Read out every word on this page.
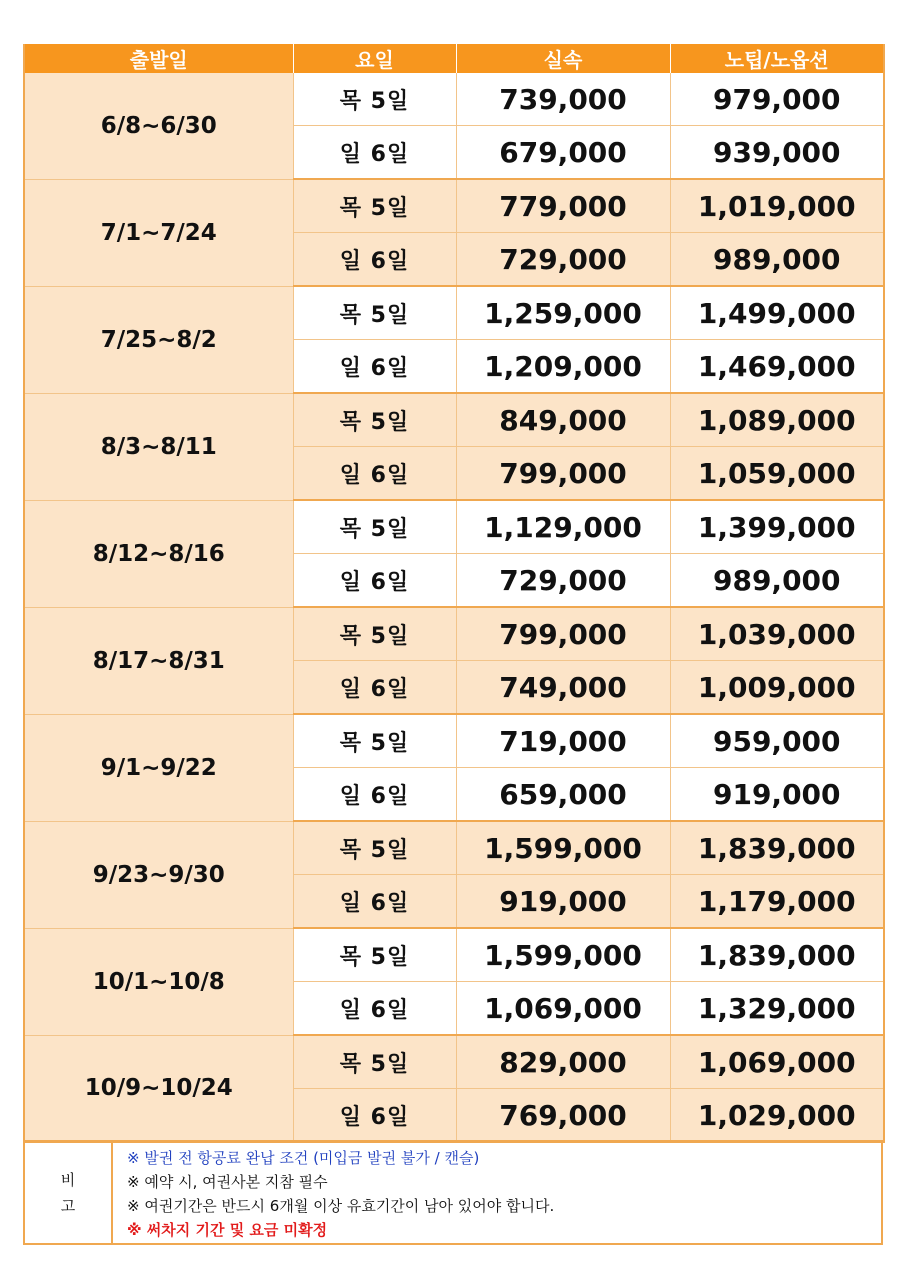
출발일	요일	실속	노팁/노옵션
6/8~6/30	목 5일	739,000	979,000
	일 6일	679,000	939,000
7/1~7/24	목 5일	779,000	1,019,000
	일 6일	729,000	989,000
7/25~8/2	목 5일	1,259,000	1,499,000
	일 6일	1,209,000	1,469,000
8/3~8/11	목 5일	849,000	1,089,000
	일 6일	799,000	1,059,000
8/12~8/16	목 5일	1,129,000	1,399,000
	일 6일	729,000	989,000
8/17~8/31	목 5일	799,000	1,039,000
	일 6일	749,000	1,009,000
9/1~9/22	목 5일	719,000	959,000
	일 6일	659,000	919,000
9/23~9/30	목 5일	1,599,000	1,839,000
	일 6일	919,000	1,179,000
10/1~10/8	목 5일	1,599,000	1,839,000
	일 6일	1,069,000	1,329,000
10/9~10/24	목 5일	829,000	1,069,000
	일 6일	769,000	1,029,000
비
고
※ 발권 전 항공료 완납 조건 (미입금 발권 불가 / 캔슬)
※ 예약 시, 여권사본 지참 필수
※ 여권기간은 반드시 6개월 이상 유효기간이 남아 있어야 합니다.
※ 써차지 기간 및 요금 미확정
